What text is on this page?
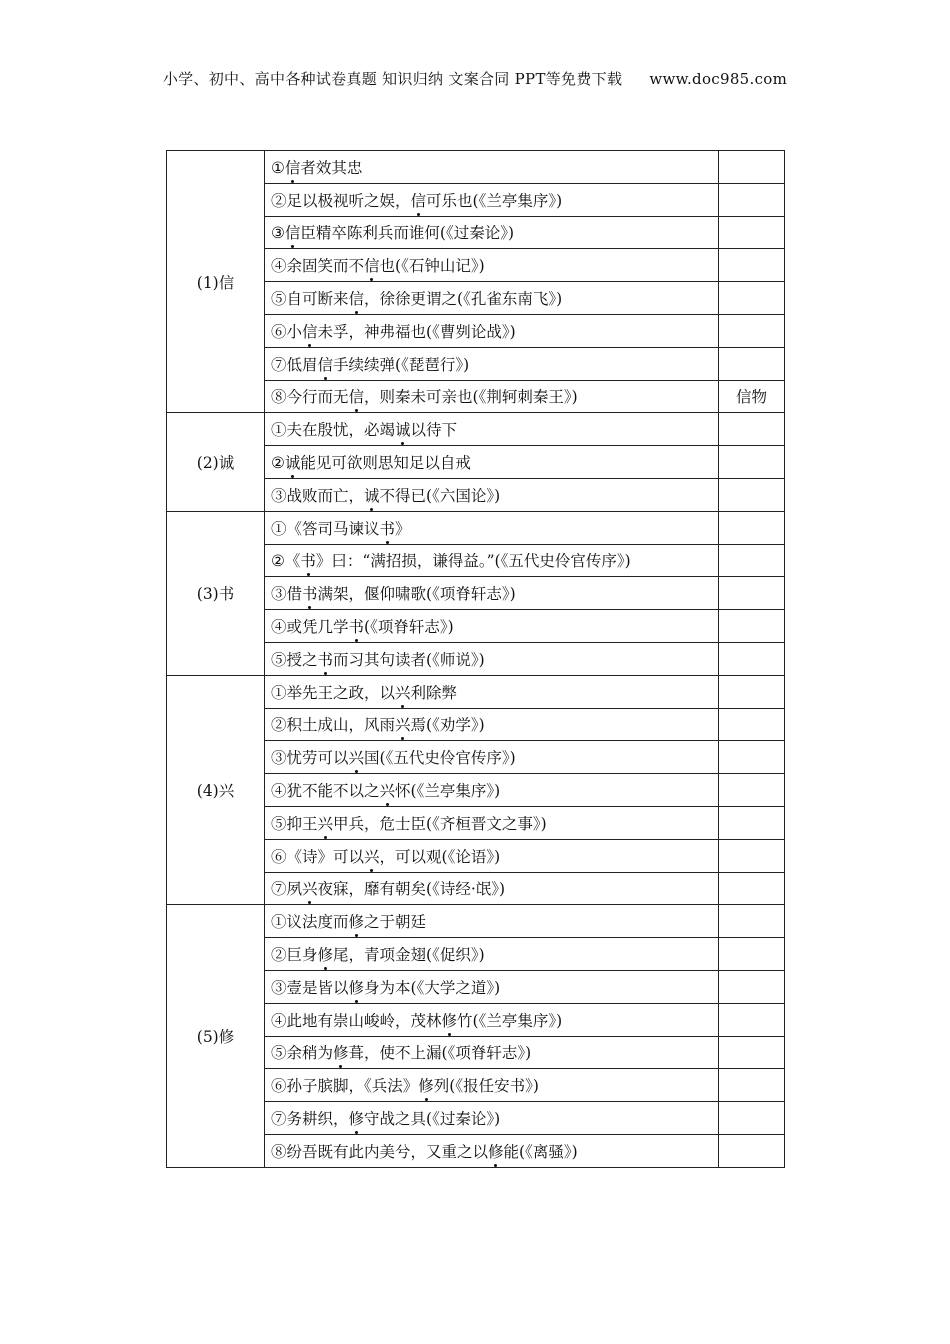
小学、初中、高中各种试卷真题 知识归纳 文案合同 PPT等免费下载 www.doc985.com
(1)信	①信者效其忠	
	②足以极视听之娱，信可乐也(《兰亭集序》)	
	③信臣精卒陈利兵而谁何(《过秦论》)	
	④余固笑而不信也(《石钟山记》)	
	⑤自可断来信，徐徐更谓之(《孔雀东南飞》)	
	⑥小信未孚，神弗福也(《曹刿论战》)	
	⑦低眉信手续续弹(《琵琶行》)	
	⑧今行而无信，则秦未可亲也(《荆轲刺秦王》)	信物
(2)诚	①夫在殷忧，必竭诚以待下	
	②诚能见可欲则思知足以自戒	
	③战败而亡，诚不得已(《六国论》)	
(3)书	①《答司马谏议书》	
	②《书》曰：“满招损，谦得益。”(《五代史伶官传序》)	
	③借书满架，偃仰啸歌(《项脊轩志》)	
	④或凭几学书(《项脊轩志》)	
	⑤授之书而习其句读者(《师说》)	
(4)兴	①举先王之政，以兴利除弊	
	②积土成山，风雨兴焉(《劝学》)	
	③忧劳可以兴国(《五代史伶官传序》)	
	④犹不能不以之兴怀(《兰亭集序》)	
	⑤抑王兴甲兵，危士臣(《齐桓晋文之事》)	
	⑥《诗》可以兴，可以观(《论语》)	
	⑦夙兴夜寐，靡有朝矣(《诗经·氓》)	
(5)修	①议法度而修之于朝廷	
	②巨身修尾，青项金翅(《促织》)	
	③壹是皆以修身为本(《大学之道》)	
	④此地有崇山峻岭，茂林修竹(《兰亭集序》)	
	⑤余稍为修葺，使不上漏(《项脊轩志》)	
	⑥孙子膑脚，《兵法》修列(《报任安书》)	
	⑦务耕织，修守战之具(《过秦论》)	
	⑧纷吾既有此内美兮，又重之以修能(《离骚》)	
